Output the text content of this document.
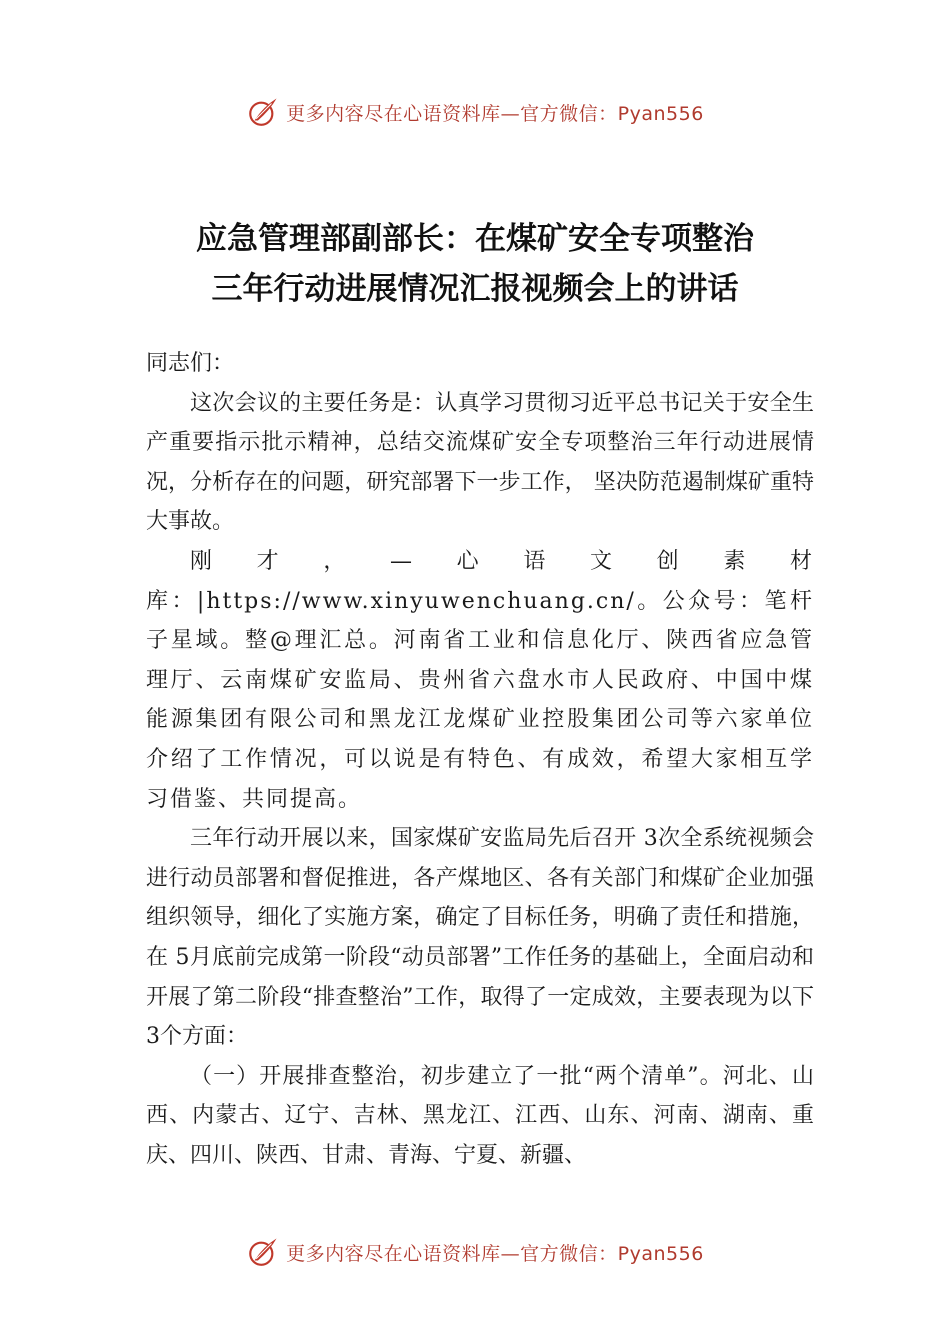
更多内容尽在心语资料库—官方微信：Pyan556
应急管理部副部长：在煤矿安全专项整治
三年行动进展情况汇报视频会上的讲话

同志们：

这次会议的主要任务是：认真学习贯彻习近平总书记关于安全生产重要指示批示精神，总结交流煤矿安全专项整治三年行动进展情况，分析存在的问题，研究部署下一步工作， 坚决防范遏制煤矿重特大事故。

刚才，—心语文创素材库：|https://www.xinyuwenchuang.cn/。公众号：笔杆子星域。整@理汇总。河南省工业和信息化厅、陕西省应急管理厅、云南煤矿安监局、贵州省六盘水市人民政府、中国中煤能源集团有限公司和黑龙江龙煤矿业控股集团公司等六家单位介绍了工作情况，可以说是有特色、有成效，希望大家相互学习借鉴、共同提高。

三年行动开展以来，国家煤矿安监局先后召开 3次全系统视频会进行动员部署和督促推进，各产煤地区、各有关部门和煤矿企业加强组织领导，细化了实施方案，确定了目标任务，明确了责任和措施，在 5月底前完成第一阶段“动员部署”工作任务的基础上，全面启动和开展了第二阶段“排查整治”工作，取得了一定成效，主要表现为以下 3个方面：

（一）开展排查整治，初步建立了一批“两个清单”。河北、山西、内蒙古、辽宁、吉林、黑龙江、江西、山东、河南、湖南、重庆、四川、陕西、甘肃、青海、宁夏、新疆、

更多内容尽在心语资料库—官方微信：Pyan556
